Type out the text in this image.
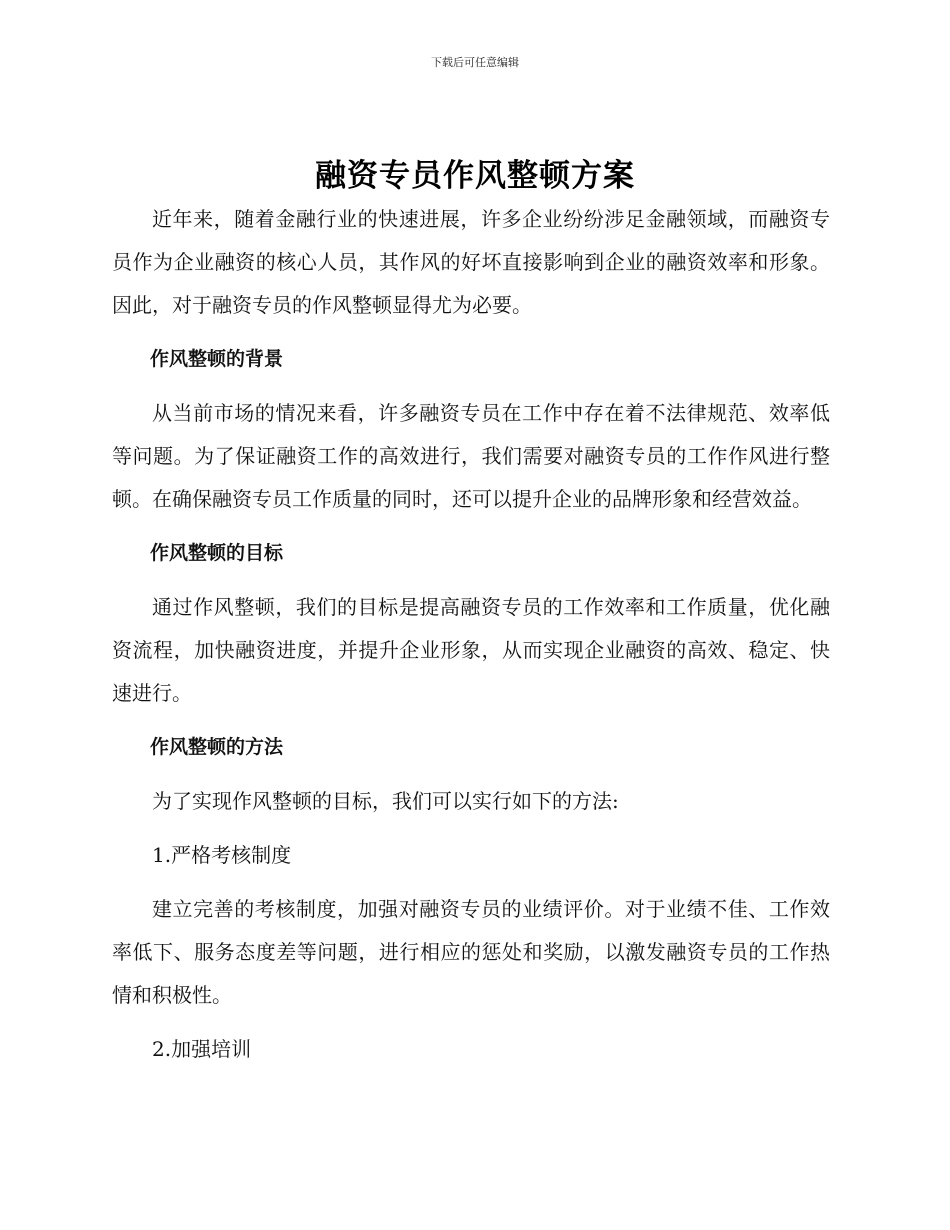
下载后可任意编辑
融资专员作风整顿方案

近年来，随着金融行业的快速进展，许多企业纷纷涉足金融领域，而融资专员作为企业融资的核心人员，其作风的好坏直接影响到企业的融资效率和形象。因此，对于融资专员的作风整顿显得尤为必要。

作风整顿的背景

从当前市场的情况来看，许多融资专员在工作中存在着不法律规范、效率低等问题。为了保证融资工作的高效进行，我们需要对融资专员的工作作风进行整顿。在确保融资专员工作质量的同时，还可以提升企业的品牌形象和经营效益。

作风整顿的目标

通过作风整顿，我们的目标是提高融资专员的工作效率和工作质量，优化融资流程，加快融资进度，并提升企业形象，从而实现企业融资的高效、稳定、快速进行。

作风整顿的方法

为了实现作风整顿的目标，我们可以实行如下的方法:

1.严格考核制度

建立完善的考核制度，加强对融资专员的业绩评价。对于业绩不佳、工作效率低下、服务态度差等问题，进行相应的惩处和奖励，以激发融资专员的工作热情和积极性。

2.加强培训
